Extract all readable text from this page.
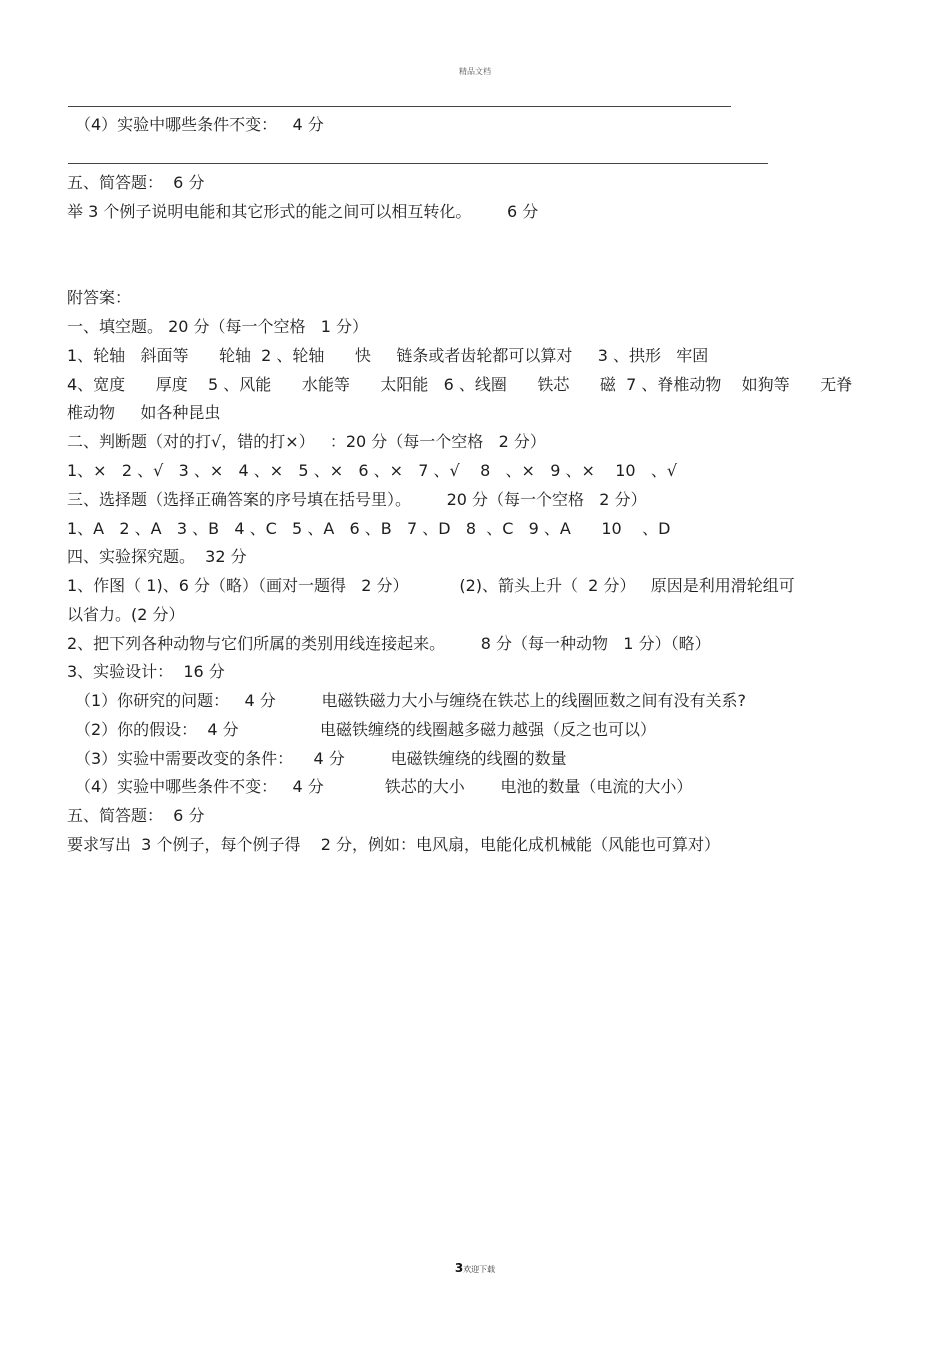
精品文档
（4）实验中哪些条件不变：   4 分
五、简答题：  6 分
举 3 个例子说明电能和其它形式的能之间可以相互转化。       6 分
附答案：
一、填空题。 20 分（每一个空格   1 分）
1、轮轴   斜面等      轮轴  2 、轮轴      快     链条或者齿轮都可以算对     3 、拱形   牢固
4、宽度      厚度    5 、风能      水能等      太阳能   6 、线圈      铁芯      磁  7 、脊椎动物    如狗等      无脊
椎动物     如各种昆虫
二、判断题（对的打√，错的打×）   ：20 分（每一个空格   2 分）
1、×   2 、√   3 、×   4 、×   5 、×   6 、×   7 、√    8   、×   9 、×    10   、√
三、选择题（选择正确答案的序号填在括号里）。       20 分（每一个空格   2 分）
1、A   2 、A   3 、B   4 、C   5 、A   6 、B   7 、D   8  、C   9 、A      10    、D
四、实验探究题。  32 分
1、作图（ 1)、6 分（略）（画对一题得   2 分）          (2)、箭头上升（  2 分）   原因是利用滑轮组可
以省力。(2 分）
2、把下列各种动物与它们所属的类别用线连接起来。       8 分（每一种动物   1 分）（略）
3、实验设计：  16 分
（1）你研究的问题：   4 分         电磁铁磁力大小与缠绕在铁芯上的线圈匝数之间有没有关系?
（2）你的假设：  4 分                电磁铁缠绕的线圈越多磁力越强（反之也可以）
（3）实验中需要改变的条件：    4 分         电磁铁缠绕的线圈的数量
（4）实验中哪些条件不变：   4 分            铁芯的大小       电池的数量（电流的大小）
五、简答题：  6 分
要求写出  3 个例子，每个例子得    2 分，例如：电风扇，电能化成机械能（风能也可算对）
3欢迎下载
